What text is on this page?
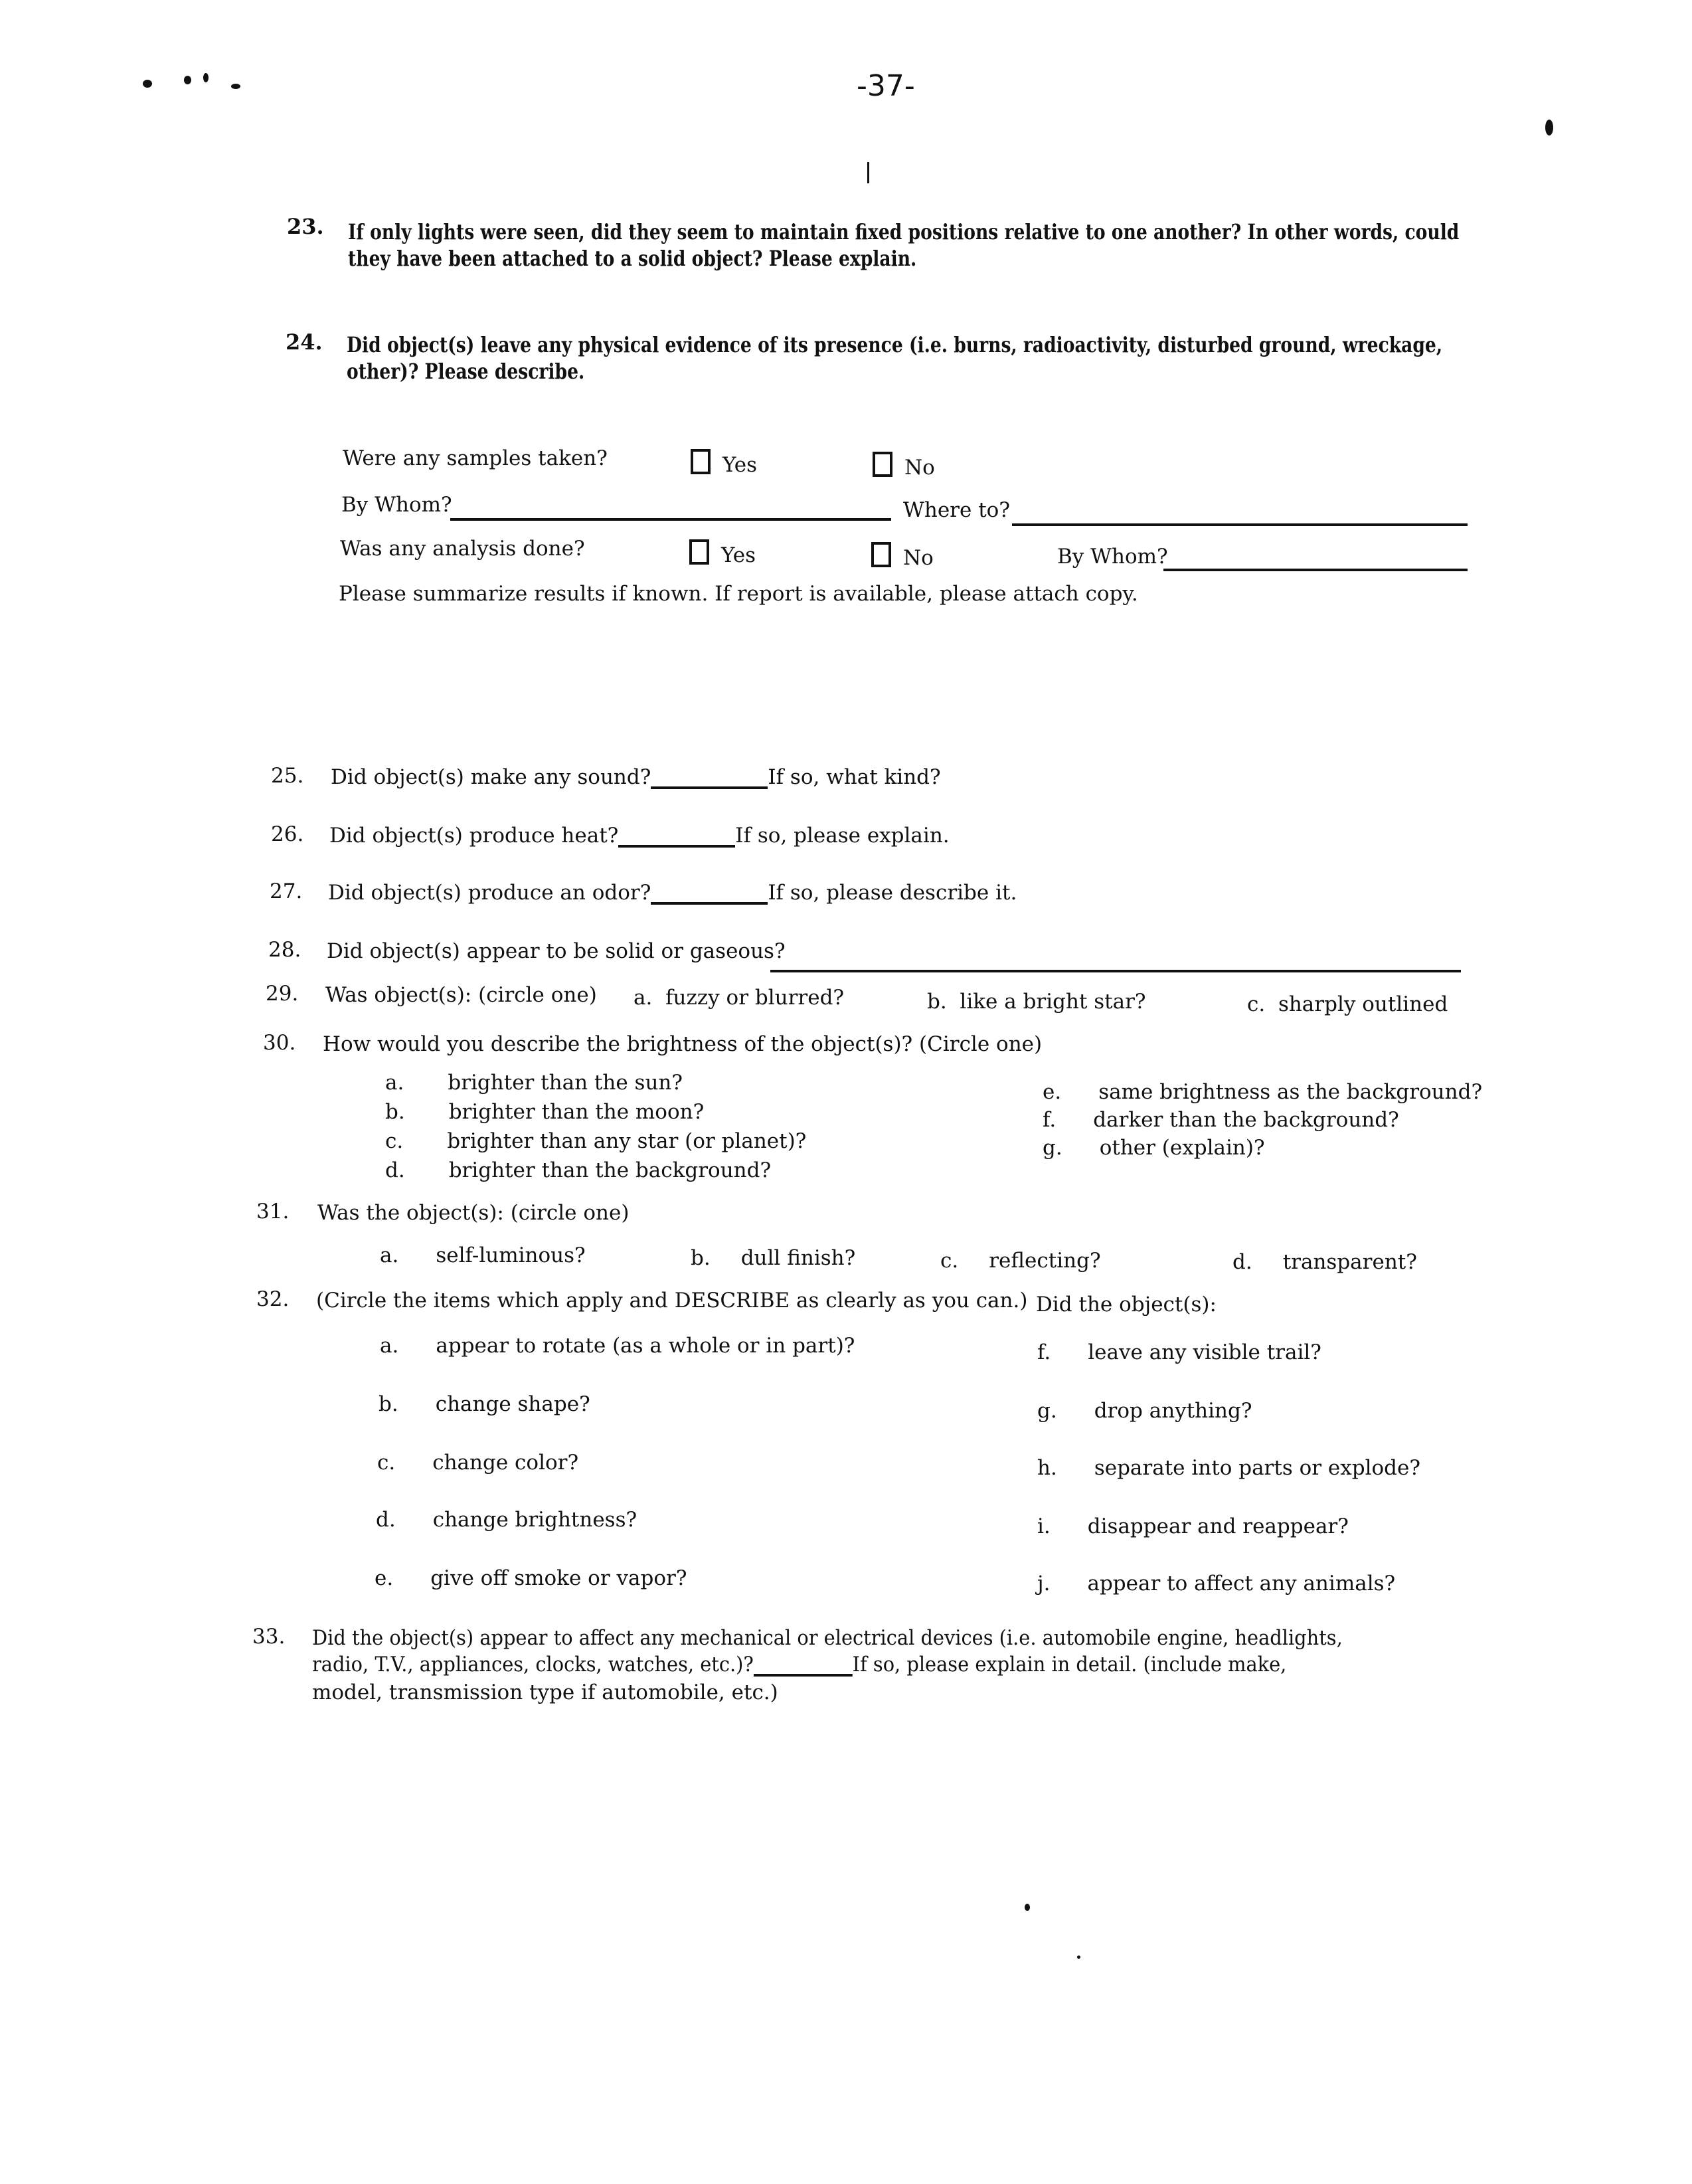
-37-
23. If only lights were seen, did they seem to maintain fixed positions relative to one another? In other words, could
they have been attached to a solid object? Please explain.
24. Did object(s) leave any physical evidence of its presence (i.e. burns, radioactivity, disturbed ground, wreckage,
other)? Please describe.
Were any samples taken?	Yes	No
By Whom?	Where to?
Was any analysis done?	Yes	No	By Whom?
Please summarize results if known. If report is available, please attach copy.
25. Did object(s) make any sound?	If so, what kind?
26. Did object(s) produce heat?	If so, please explain.
27. Did object(s) produce an odor?	If so, please describe it.
28. Did object(s) appear to be solid or gaseous?
29. Was object(s): (circle one) a. fuzzy or blurred?	b. like a bright star?	c. sharply outlined
30. How would you describe the brightness of the object(s)? (Circle one)
a. brighter than the sun?
b. brighter than the moon?
c. brighter than any star (or planet)?
d. brighter than the background?
e. same brightness as the background?
f. darker than the background?
g. other (explain)?
31. Was the object(s): (circle one)
a. self-luminous?	b. dull finish?	c. reflecting?	d. transparent?
32. (Circle the items which apply and DESCRIBE as clearly as you can.) Did the object(s):
a. appear to rotate (as a whole or in part)?
b. change shape?
c. change color?
d. change brightness?
e. give off smoke or vapor?
f. leave any visible trail?
g. drop anything?
h. separate into parts or explode?
i. disappear and reappear?
j. appear to affect any animals?
33. Did the object(s) appear to affect any mechanical or electrical devices (i.e. automobile engine, headlights,
radio, T.V., appliances, clocks, watches, etc.)?	If so, please explain in detail. (include make,
model, transmission type if automobile, etc.)
